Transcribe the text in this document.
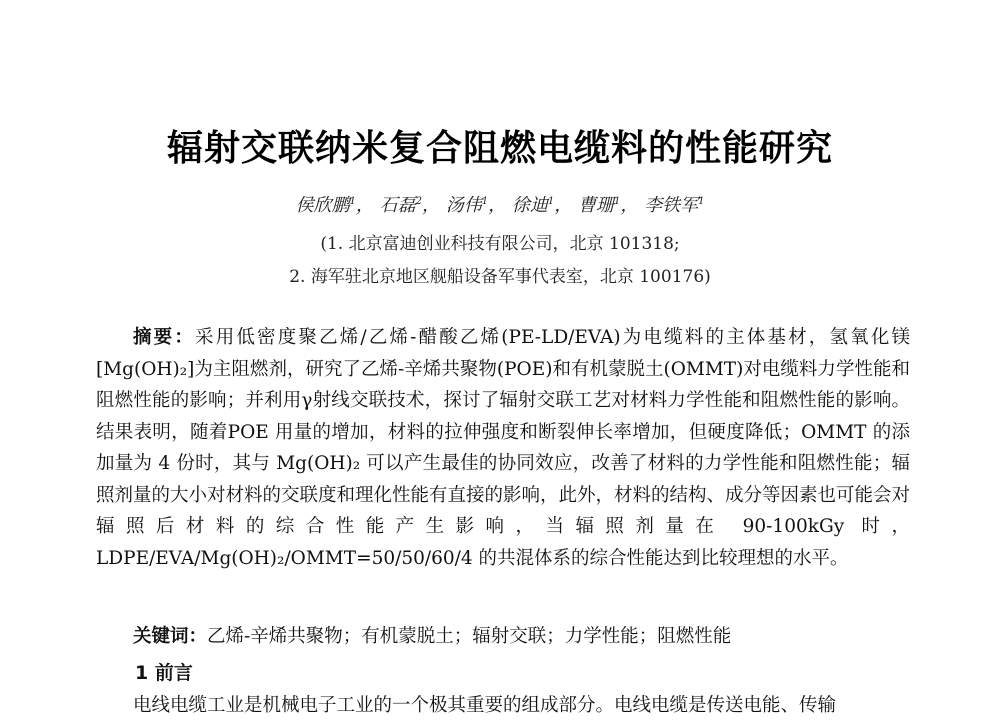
辐射交联纳米复合阻燃电缆料的性能研究
侯欣鹏$^1$， 石磊$^2$， 汤伟$^1$， 徐迪$^1$， 曹珊$^1$， 李铁军$^1$
(1. 北京富迪创业科技有限公司，北京 101318;
2. 海军驻北京地区舰船设备军事代表室，北京 100176)
摘要：采用低密度聚乙烯/乙烯-醋酸乙烯(PE-LD/EVA)为电缆料的主体基材，氢氧化镁[Mg(OH)₂]为主阻燃剂，研究了乙烯-辛烯共聚物(POE)和有机蒙脱土(OMMT)对电缆料力学性能和阻燃性能的影响；并利用γ射线交联技术，探讨了辐射交联工艺对材料力学性能和阻燃性能的影响。结果表明，随着POE 用量的增加，材料的拉伸强度和断裂伸长率增加，但硬度降低；OMMT 的添加量为 4 份时，其与 Mg(OH)₂ 可以产生最佳的协同效应，改善了材料的力学性能和阻燃性能；辐照剂量的大小对材料的交联度和理化性能有直接的影响，此外，材料的结构、成分等因素也可能会对辐照后材料的综合性能产生影响，当辐照剂量在 90-100kGy 时，LDPE/EVA/Mg(OH)₂/OMMT=50/50/60/4 的共混体系的综合性能达到比较理想的水平。
关键词：乙烯-辛烯共聚物；有机蒙脱土；辐射交联；力学性能；阻燃性能
1 前言
电线电缆工业是机械电子工业的一个极其重要的组成部分。电线电缆是传送电能、传输
